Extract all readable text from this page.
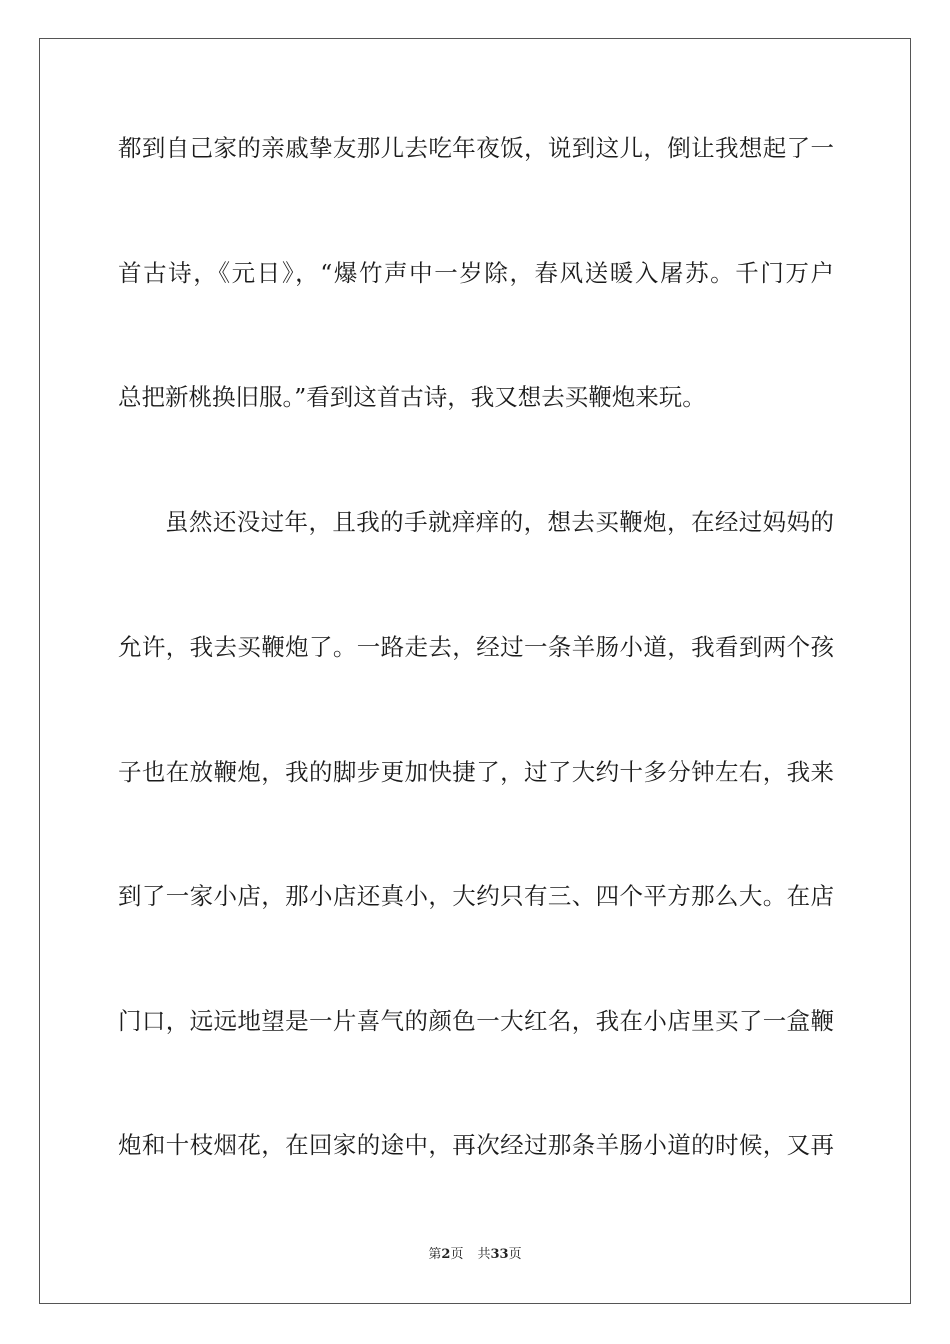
都到自己家的亲戚挚友那儿去吃年夜饭，说到这儿，倒让我想起了一
首古诗，《元日》，“爆竹声中一岁除，春风送暖入屠苏。千门万户
总把新桃换旧服。”看到这首古诗，我又想去买鞭炮来玩。
虽然还没过年，且我的手就痒痒的，想去买鞭炮，在经过妈妈的
允许，我去买鞭炮了。一路走去，经过一条羊肠小道，我看到两个孩
子也在放鞭炮，我的脚步更加快捷了，过了大约十多分钟左右，我来
到了一家小店，那小店还真小，大约只有三、四个平方那么大。在店
门口，远远地望是一片喜气的颜色一大红名，我在小店里买了一盒鞭
炮和十枝烟花，在回家的途中，再次经过那条羊肠小道的时候，又再
第2页 共33页
